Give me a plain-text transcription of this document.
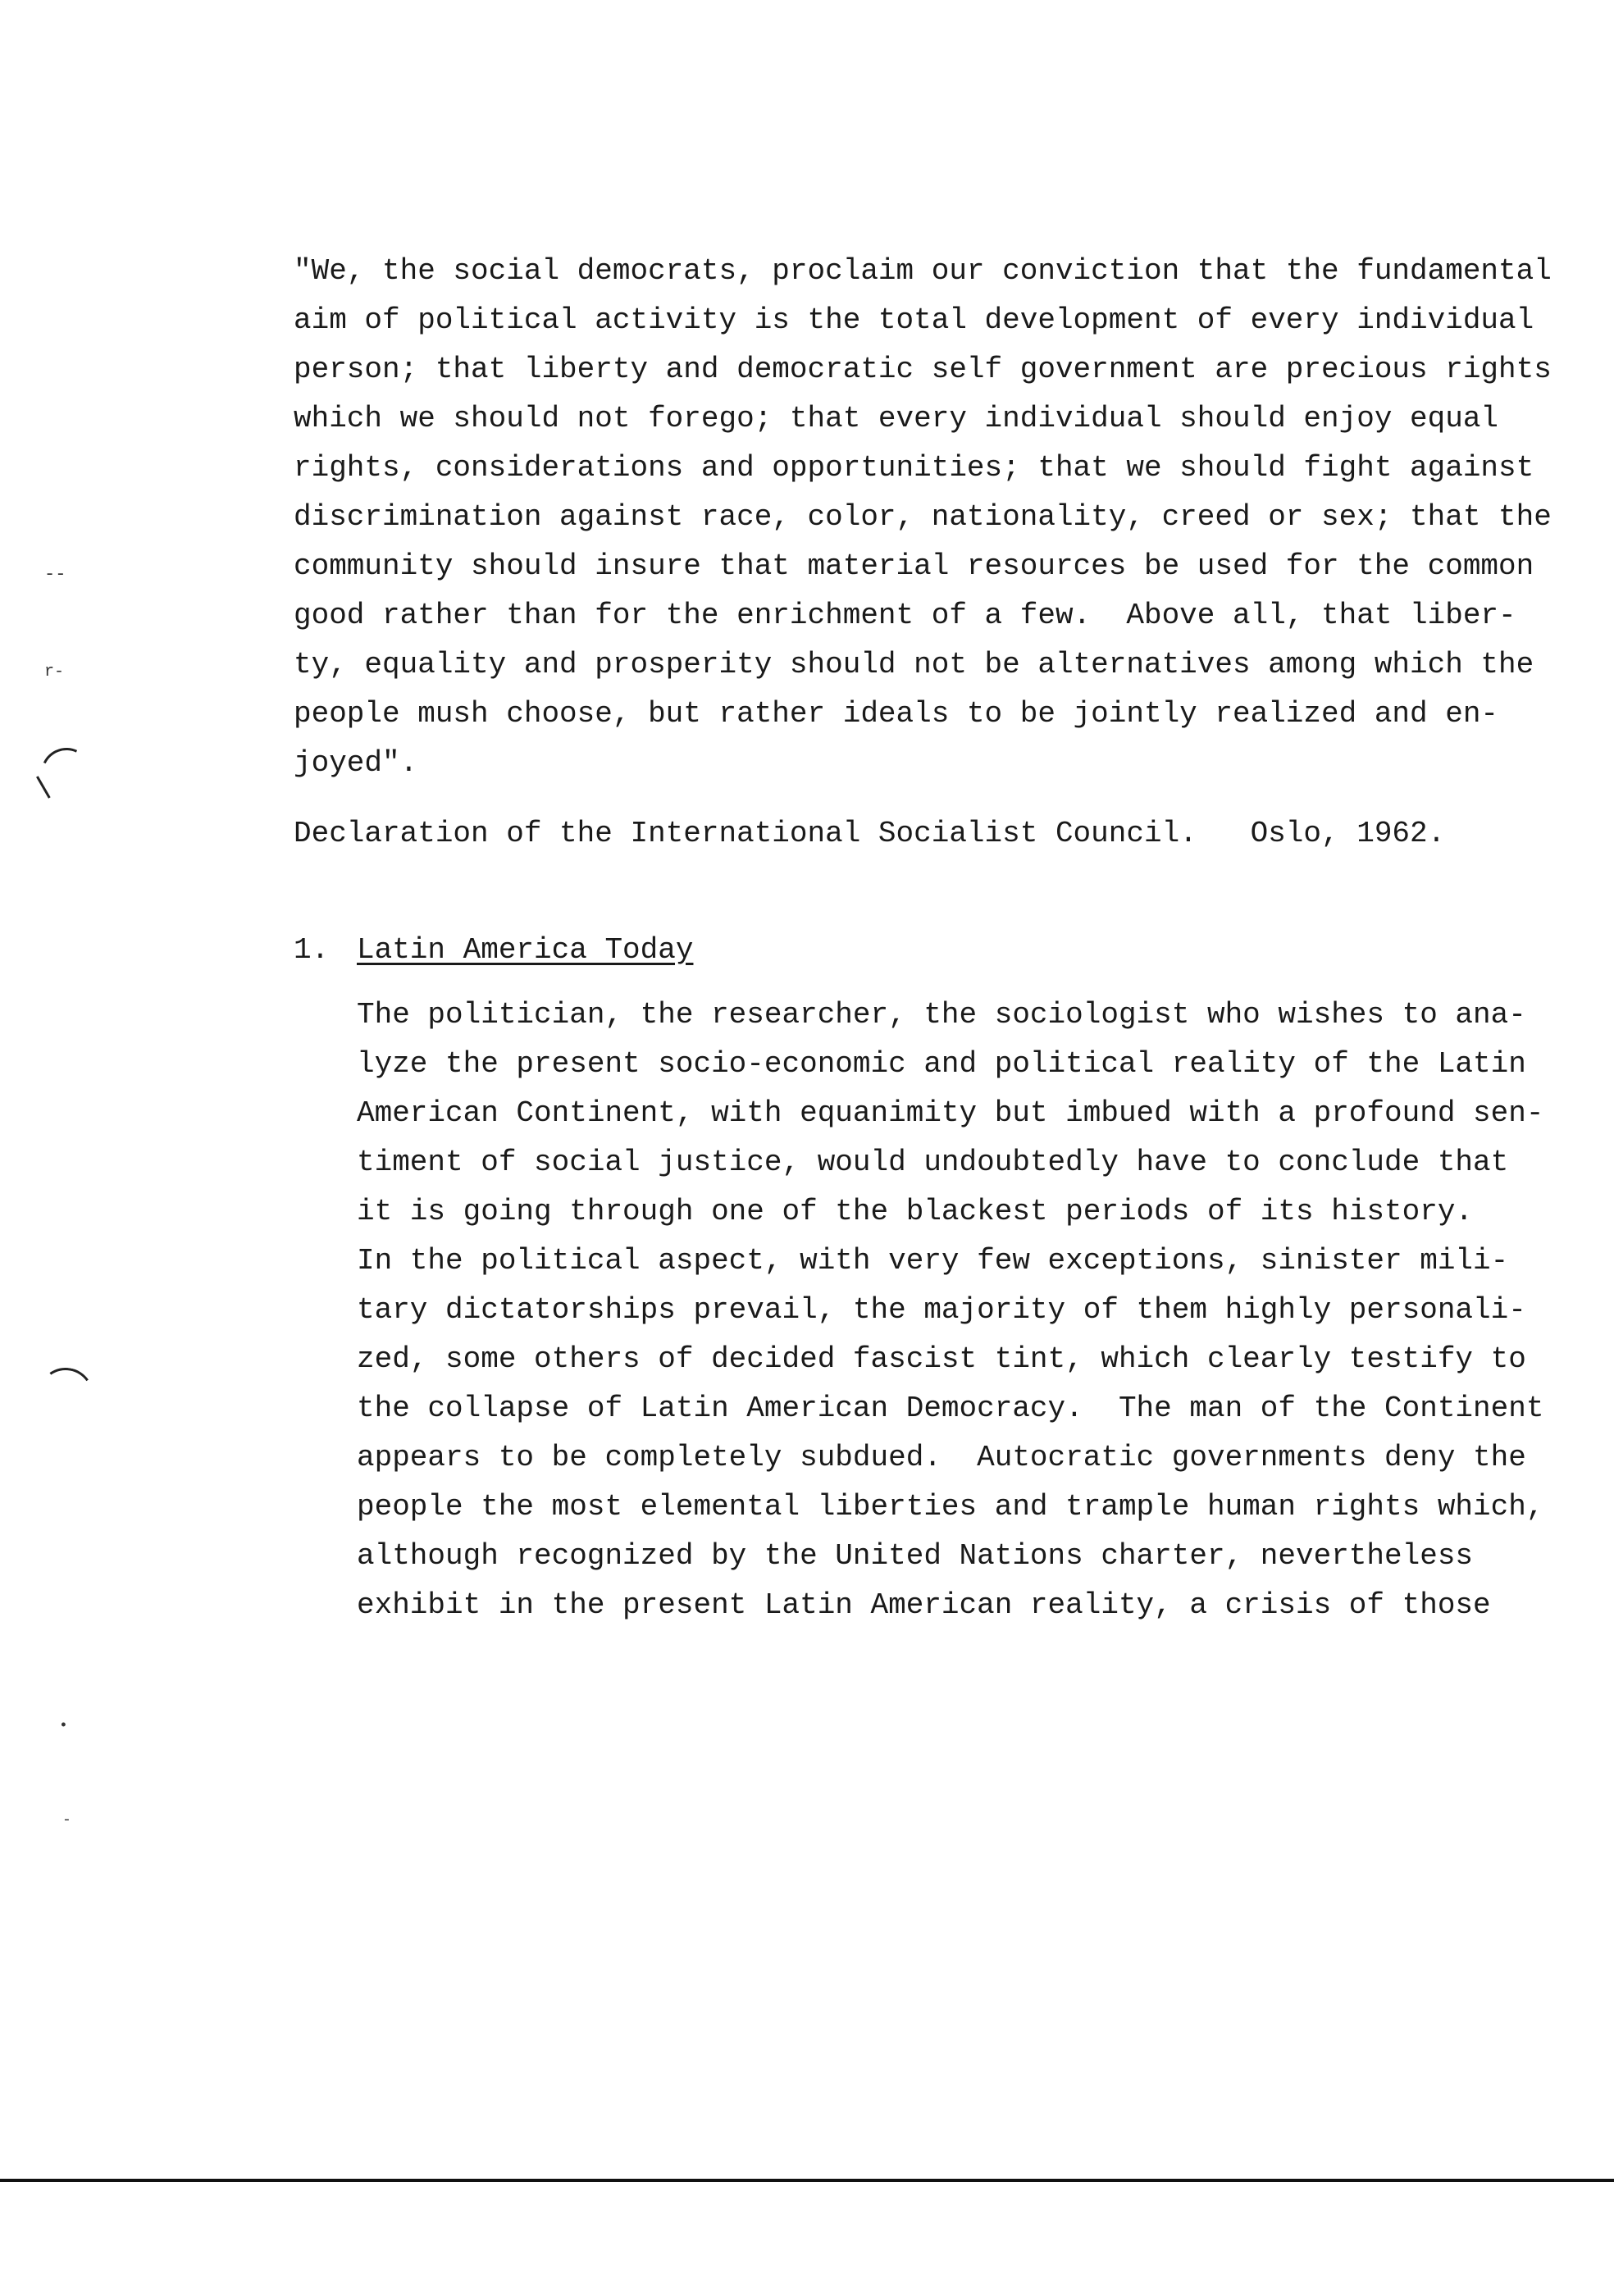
"We, the social democrats, proclaim our conviction that the fundamental
aim of political activity is the total development of every individual
person; that liberty and democratic self government are precious rights
which we should not forego; that every individual should enjoy equal
rights, considerations and opportunities; that we should fight against
discrimination against race, color, nationality, creed or sex; that the
community should insure that material resources be used for the common
good rather than for the enrichment of a few.  Above all, that liber-
ty, equality and prosperity should not be alternatives among which the
people mush choose, but rather ideals to be jointly realized and en-
joyed".
Declaration of the International Socialist Council.   Oslo, 1962.
1. Latin America Today
The politician, the researcher, the sociologist who wishes to ana-
lyze the present socio-economic and political reality of the Latin
American Continent, with equanimity but imbued with a profound sen-
timent of social justice, would undoubtedly have to conclude that
it is going through one of the blackest periods of its history.
In the political aspect, with very few exceptions, sinister mili-
tary dictatorships prevail, the majority of them highly personali-
zed, some others of decided fascist tint, which clearly testify to
the collapse of Latin American Democracy.  The man of the Continent
appears to be completely subdued.  Autocratic governments deny the
people the most elemental liberties and trample human rights which,
although recognized by the United Nations charter, nevertheless
exhibit in the present Latin American reality, a crisis of those
--
r-
•
-
